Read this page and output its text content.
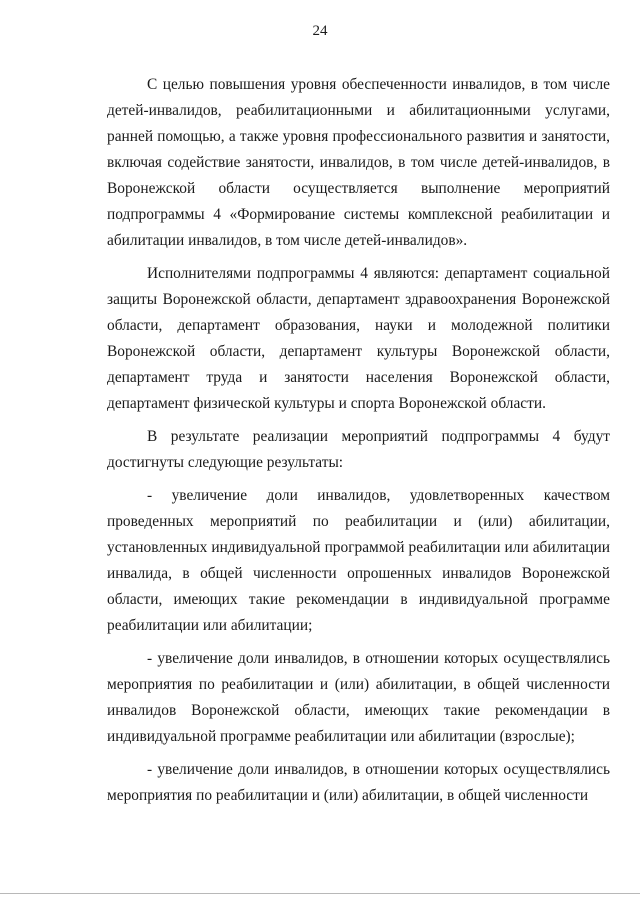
24

С целью повышения уровня обеспеченности инвалидов, в том числе детей-инвалидов, реабилитационными и абилитационными услугами, ранней помощью, а также уровня профессионального развития и занятости, включая содействие занятости, инвалидов, в том числе детей-инвалидов, в Воронежской области осуществляется выполнение мероприятий подпрограммы 4 «Формирование системы комплексной реабилитации и абилитации инвалидов, в том числе детей-инвалидов».

Исполнителями подпрограммы 4 являются: департамент социальной защиты Воронежской области, департамент здравоохранения Воронежской области, департамент образования, науки и молодежной политики Воронежской области, департамент культуры Воронежской области, департамент труда и занятости населения Воронежской области, департамент физической культуры и спорта Воронежской области.

В результате реализации мероприятий подпрограммы 4 будут достигнуты следующие результаты:

- увеличение доли инвалидов, удовлетворенных качеством проведенных мероприятий по реабилитации и (или) абилитации, установленных индивидуальной программой реабилитации или абилитации инвалида, в общей численности опрошенных инвалидов Воронежской области, имеющих такие рекомендации в индивидуальной программе реабилитации или абилитации;

- увеличение доли инвалидов, в отношении которых осуществлялись мероприятия по реабилитации и (или) абилитации, в общей численности инвалидов Воронежской области, имеющих такие рекомендации в индивидуальной программе реабилитации или абилитации (взрослые);

- увеличение доли инвалидов, в отношении которых осуществлялись мероприятия по реабилитации и (или) абилитации, в общей численности
